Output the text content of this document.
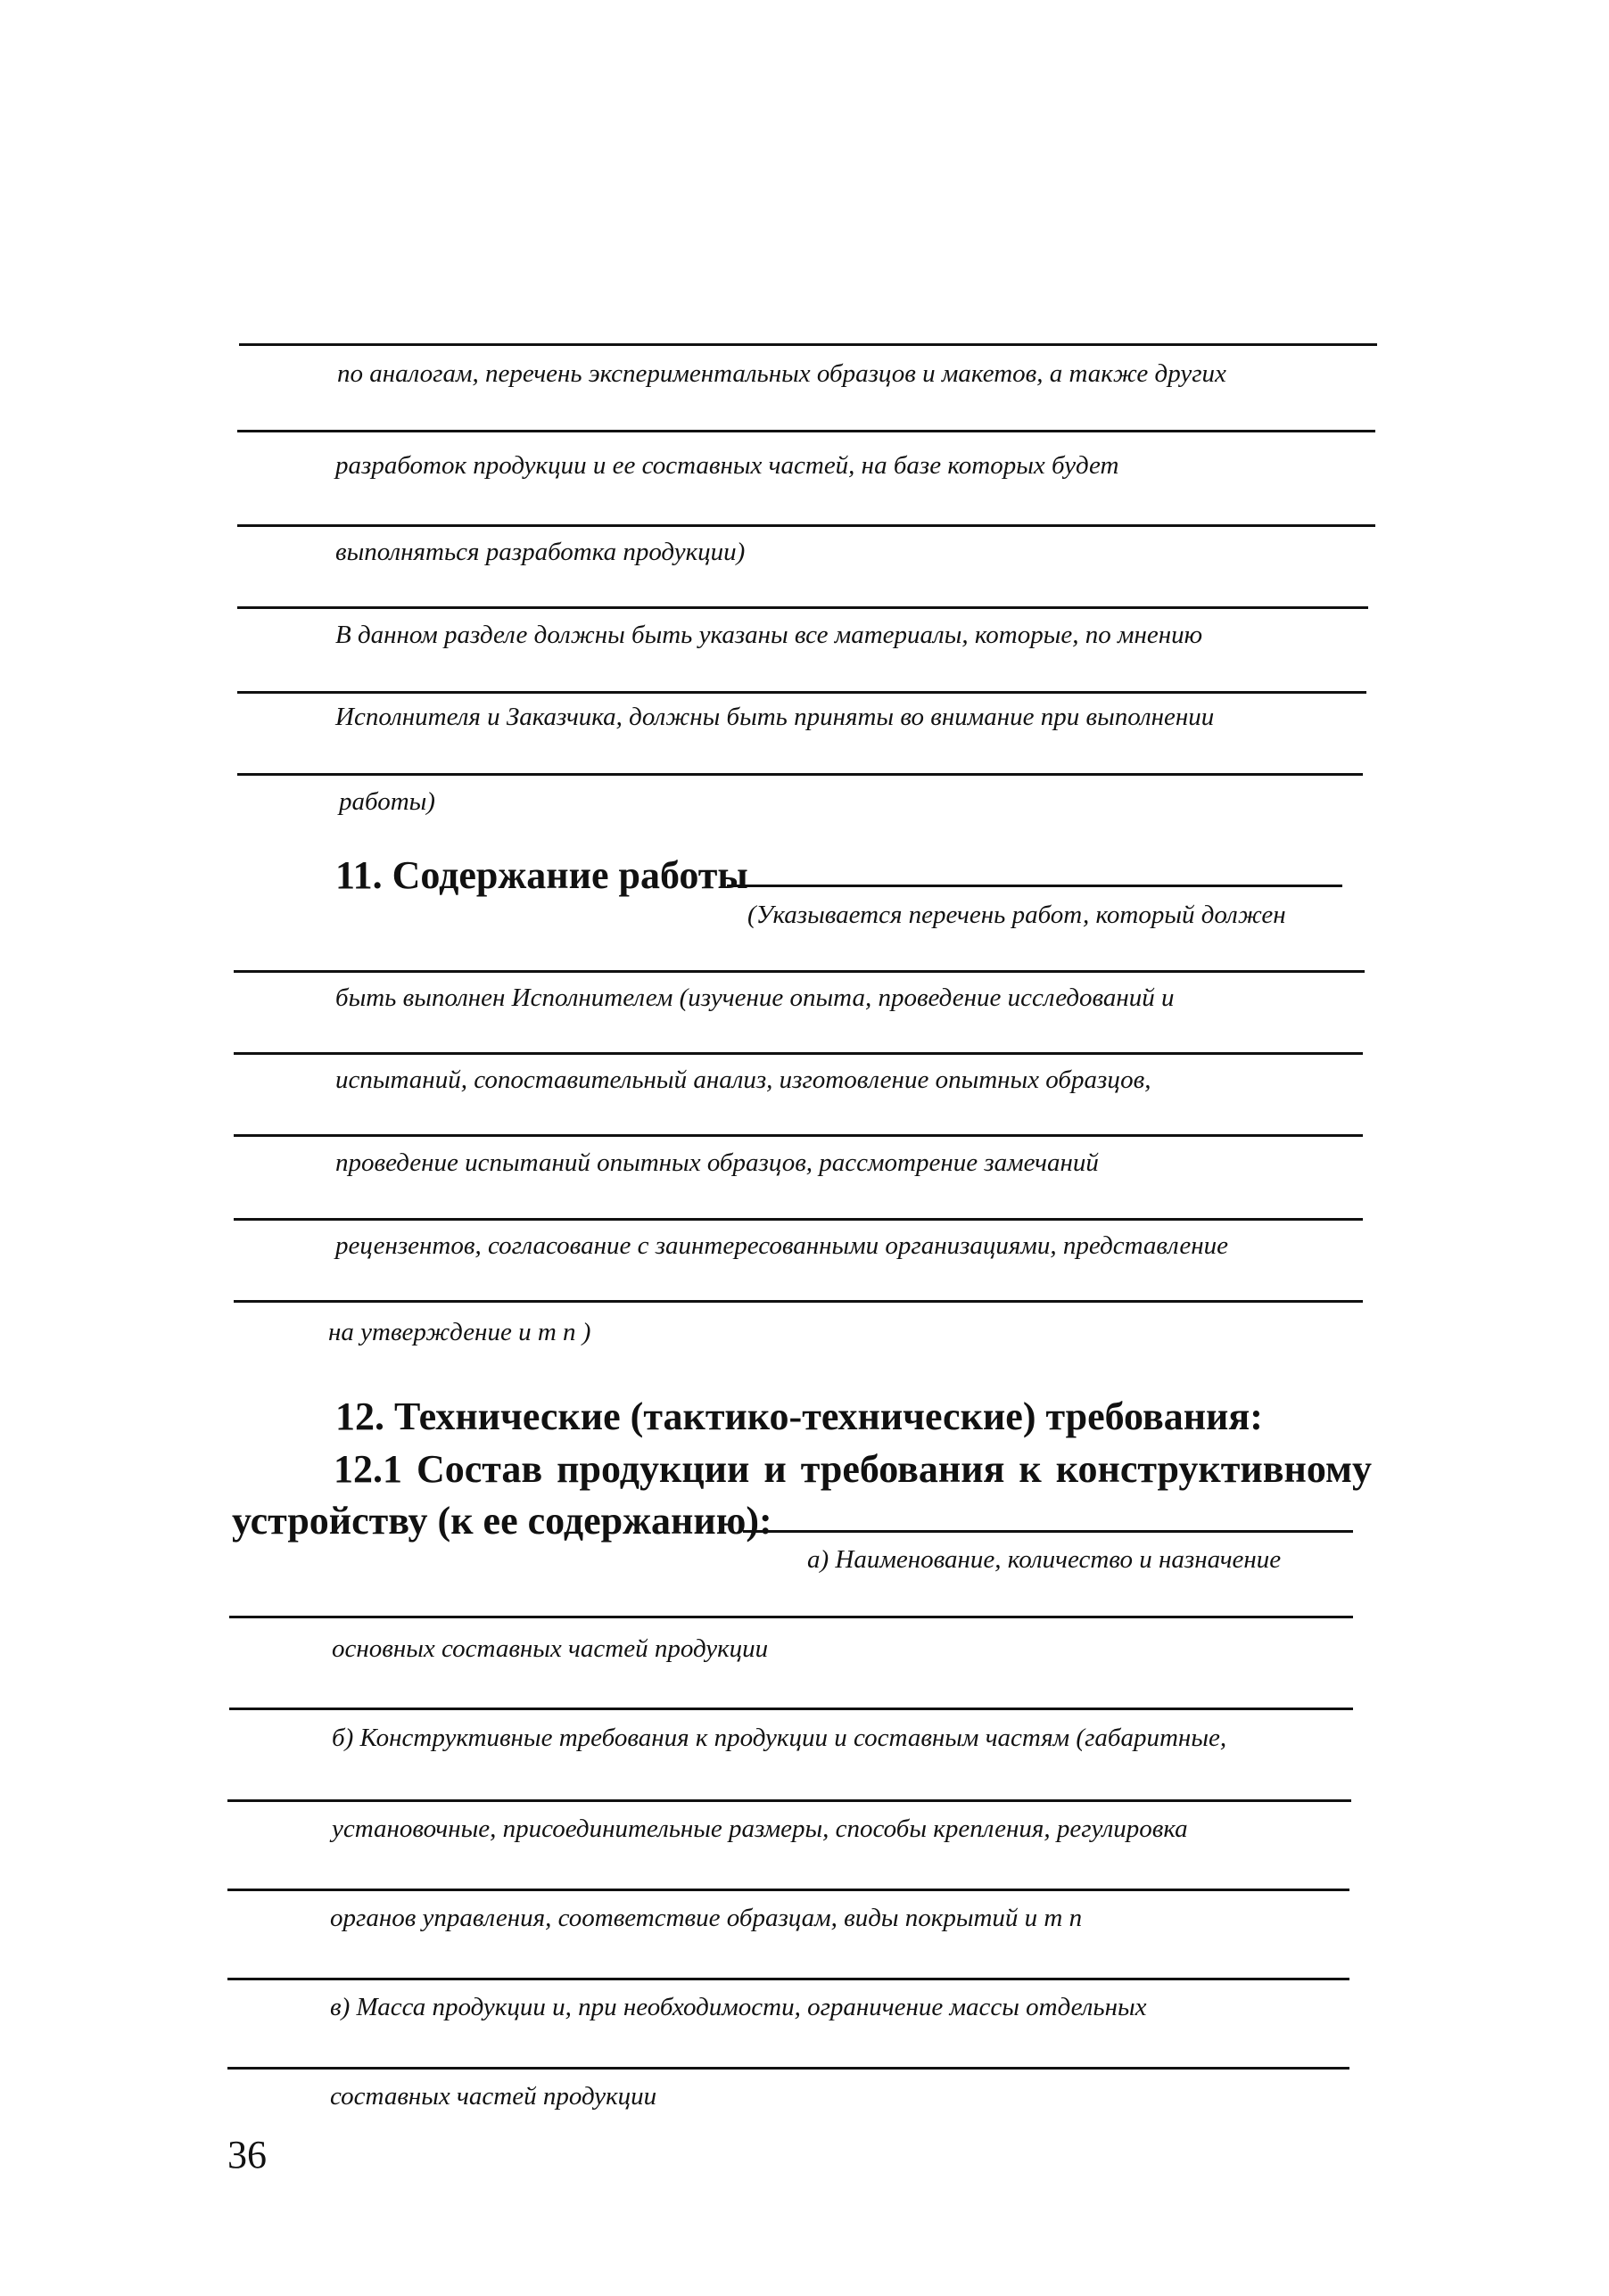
по аналогам, перечень экспериментальных образцов и макетов, а также других
разработок продукции и ее составных частей, на базе которых будет
выполняться разработка продукции)
В данном разделе должны быть указаны все материалы, которые, по мнению
Исполнителя и Заказчика, должны быть приняты во внимание при выполнении
работы)
11. Содержание работы
(Указывается перечень работ, который должен
быть выполнен Исполнителем (изучение опыта, проведение исследований и
испытаний, сопоставительный анализ, изготовление опытных образцов,
проведение испытаний опытных образцов, рассмотрение замечаний
рецензентов, согласование с заинтересованными организациями, представление
на утверждение и т п )
12. Технические (тактико-технические) требования:
12.1 Состав продукции и требования к конструктивному
устройству (к ее содержанию):
а) Наименование, количество и назначение
основных составных частей продукции
б) Конструктивные требования к продукции и составным частям (габаритные,
установочные, присоединительные размеры, способы крепления, регулировка
органов управления, соответствие образцам, виды покрытий и т п
в) Масса продукции и, при необходимости, ограничение массы отдельных
составных частей продукции
36
